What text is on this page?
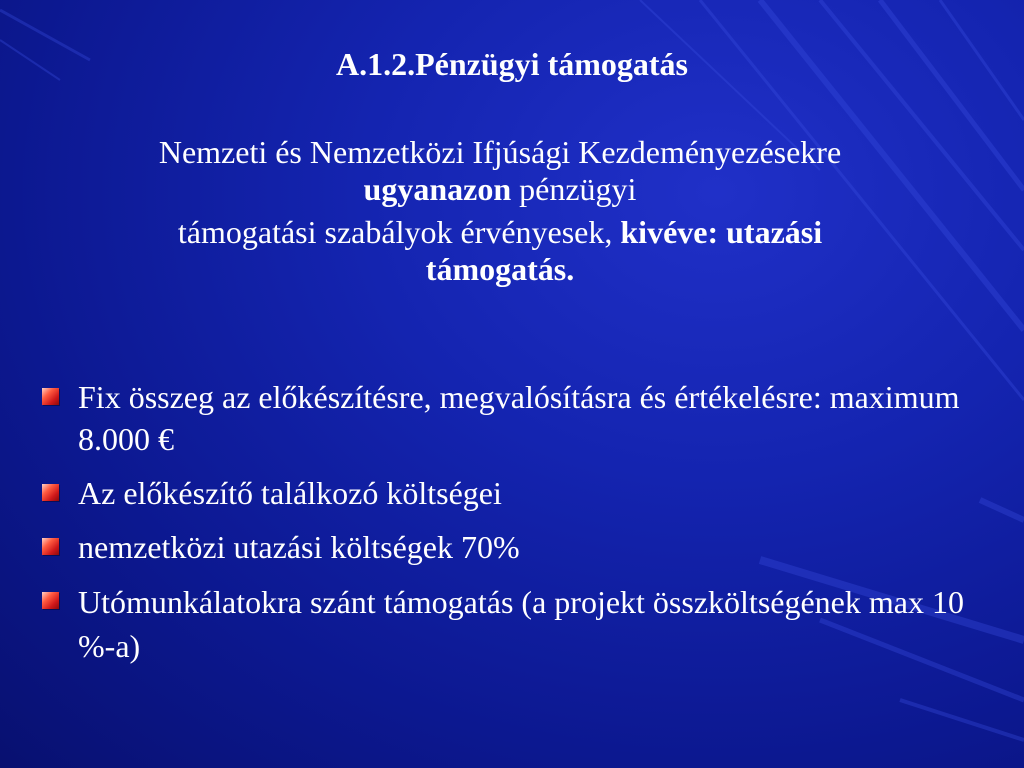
A.1.2.Pénzügyi támogatás
Nemzeti és Nemzetközi Ifjúsági Kezdeményezésekre
ugyanazon pénzügyi
támogatási szabályok érvényesek, kivéve: utazási
támogatás.
Fix összeg az előkészítésre, megvalósításra és értékelésre: maximum 8.000 €
Az előkészítő találkozó költségei
nemzetközi utazási költségek 70%
Utómunkálatokra szánt támogatás (a projekt összköltségének max 10 %-a)
